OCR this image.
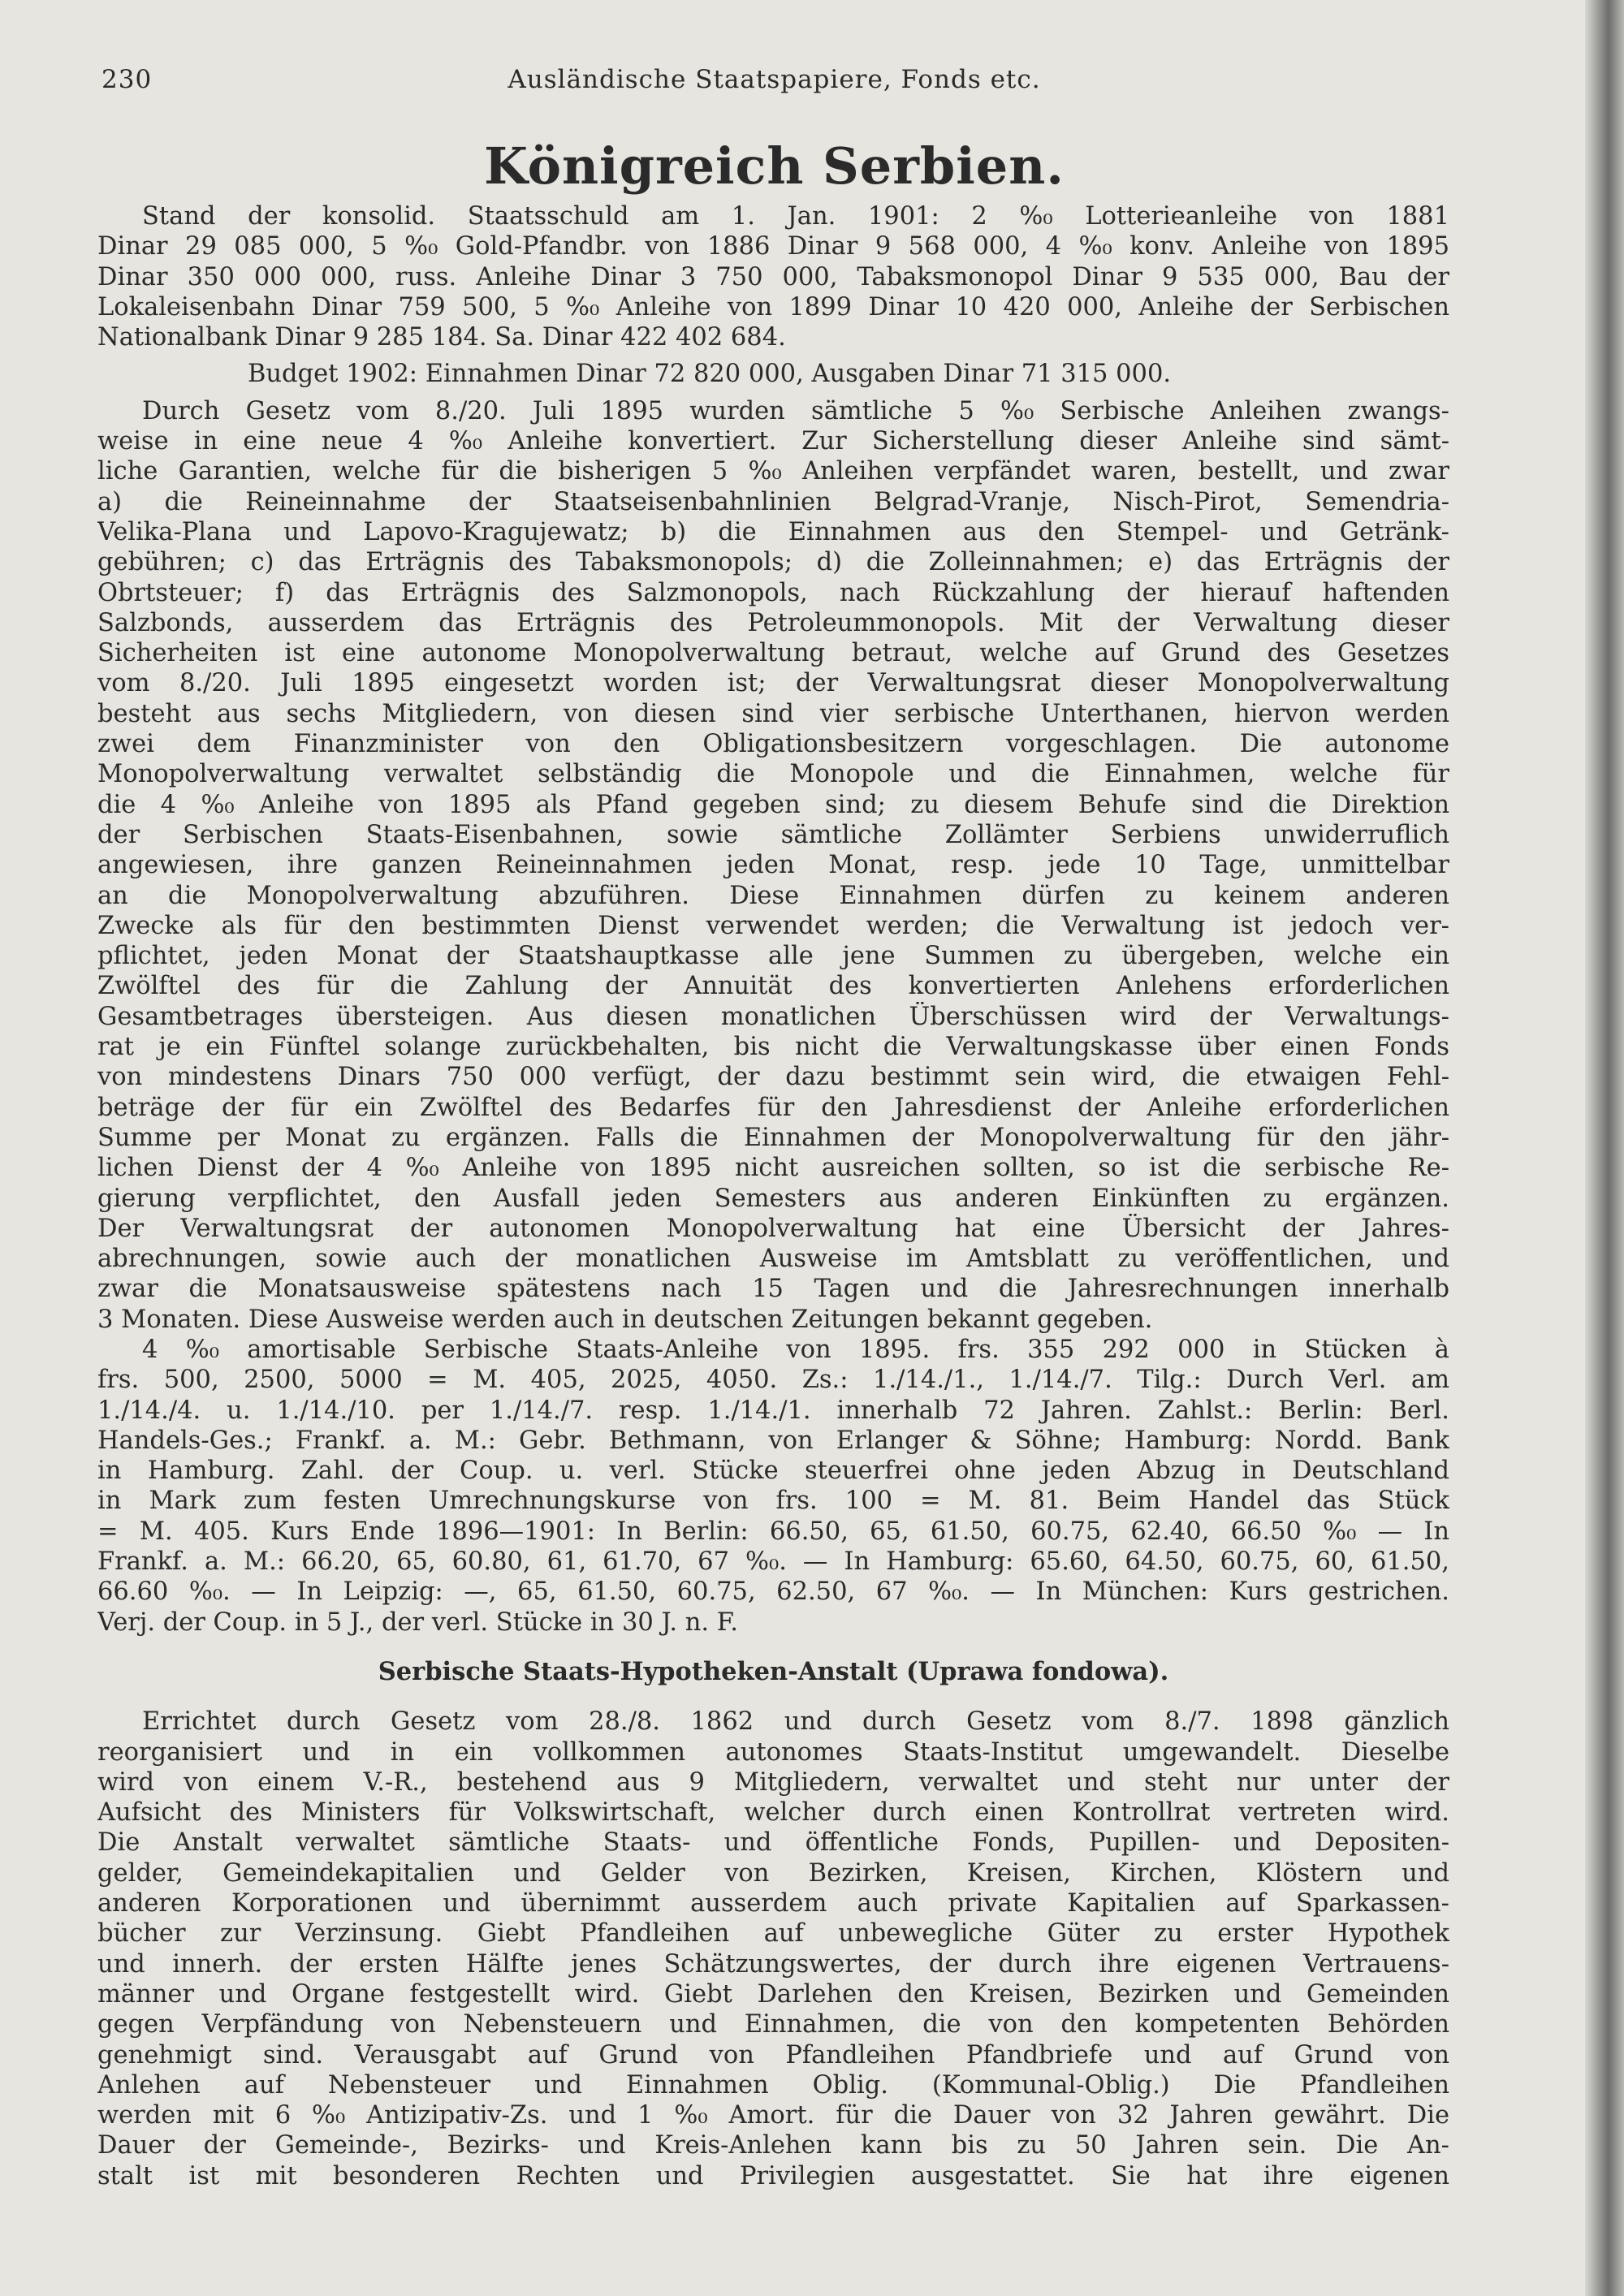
230	Ausländische Staatspapiere, Fonds etc.
Königreich Serbien.
Stand der konsolid. Staatsschuld am 1. Jan. 1901: 2 %₀ Lotterieanleihe von 1881
Dinar 29 085 000, 5 %₀ Gold-Pfandbr. von 1886 Dinar 9 568 000, 4 %₀ konv. Anleihe von 1895
Dinar 350 000 000, russ. Anleihe Dinar 3 750 000, Tabaksmonopol Dinar 9 535 000, Bau der
Lokaleisenbahn Dinar 759 500, 5 %₀ Anleihe von 1899 Dinar 10 420 000, Anleihe der Serbischen
Nationalbank Dinar 9 285 184. Sa. Dinar 422 402 684.
Budget 1902: Einnahmen Dinar 72 820 000, Ausgaben Dinar 71 315 000.
Durch Gesetz vom 8./20. Juli 1895 wurden sämtliche 5 %₀ Serbische Anleihen zwangs-
weise in eine neue 4 %₀ Anleihe konvertiert. Zur Sicherstellung dieser Anleihe sind sämt-
liche Garantien, welche für die bisherigen 5 %₀ Anleihen verpfändet waren, bestellt, und zwar
a) die Reineinnahme der Staatseisenbahnlinien Belgrad-Vranje, Nisch-Pirot, Semendria-
Velika-Plana und Lapovo-Kragujewatz; b) die Einnahmen aus den Stempel- und Getränk-
gebühren; c) das Erträgnis des Tabaksmonopols; d) die Zolleinnahmen; e) das Erträgnis der
Obrtsteuer; f) das Erträgnis des Salzmonopols, nach Rückzahlung der hierauf haftenden
Salzbonds, ausserdem das Erträgnis des Petroleummonopols. Mit der Verwaltung dieser
Sicherheiten ist eine autonome Monopolverwaltung betraut, welche auf Grund des Gesetzes
vom 8./20. Juli 1895 eingesetzt worden ist; der Verwaltungsrat dieser Monopolverwaltung
besteht aus sechs Mitgliedern, von diesen sind vier serbische Unterthanen, hiervon werden
zwei dem Finanzminister von den Obligationsbesitzern vorgeschlagen. Die autonome
Monopolverwaltung verwaltet selbständig die Monopole und die Einnahmen, welche für
die 4 %₀ Anleihe von 1895 als Pfand gegeben sind; zu diesem Behufe sind die Direktion
der Serbischen Staats-Eisenbahnen, sowie sämtliche Zollämter Serbiens unwiderruflich
angewiesen, ihre ganzen Reineinnahmen jeden Monat, resp. jede 10 Tage, unmittelbar
an die Monopolverwaltung abzuführen. Diese Einnahmen dürfen zu keinem anderen
Zwecke als für den bestimmten Dienst verwendet werden; die Verwaltung ist jedoch ver-
pflichtet, jeden Monat der Staatshauptkasse alle jene Summen zu übergeben, welche ein
Zwölftel des für die Zahlung der Annuität des konvertierten Anlehens erforderlichen
Gesamtbetrages übersteigen. Aus diesen monatlichen Überschüssen wird der Verwaltungs-
rat je ein Fünftel solange zurückbehalten, bis nicht die Verwaltungskasse über einen Fonds
von mindestens Dinars 750 000 verfügt, der dazu bestimmt sein wird, die etwaigen Fehl-
beträge der für ein Zwölftel des Bedarfes für den Jahresdienst der Anleihe erforderlichen
Summe per Monat zu ergänzen. Falls die Einnahmen der Monopolverwaltung für den jähr-
lichen Dienst der 4 %₀ Anleihe von 1895 nicht ausreichen sollten, so ist die serbische Re-
gierung verpflichtet, den Ausfall jeden Semesters aus anderen Einkünften zu ergänzen.
Der Verwaltungsrat der autonomen Monopolverwaltung hat eine Übersicht der Jahres-
abrechnungen, sowie auch der monatlichen Ausweise im Amtsblatt zu veröffentlichen, und
zwar die Monatsausweise spätestens nach 15 Tagen und die Jahresrechnungen innerhalb
3 Monaten. Diese Ausweise werden auch in deutschen Zeitungen bekannt gegeben.
4 %₀ amortisable Serbische Staats-Anleihe von 1895. frs. 355 292 000 in Stücken à
frs. 500, 2500, 5000 = M. 405, 2025, 4050. Zs.: 1./14./1., 1./14./7. Tilg.: Durch Verl. am
1./14./4. u. 1./14./10. per 1./14./7. resp. 1./14./1. innerhalb 72 Jahren. Zahlst.: Berlin: Berl.
Handels-Ges.; Frankf. a. M.: Gebr. Bethmann, von Erlanger & Söhne; Hamburg: Nordd. Bank
in Hamburg. Zahl. der Coup. u. verl. Stücke steuerfrei ohne jeden Abzug in Deutschland
in Mark zum festen Umrechnungskurse von frs. 100 = M. 81. Beim Handel das Stück
= M. 405. Kurs Ende 1896—1901: In Berlin: 66.50, 65, 61.50, 60.75, 62.40, 66.50 %₀ — In
Frankf. a. M.: 66.20, 65, 60.80, 61, 61.70, 67 %₀. — In Hamburg: 65.60, 64.50, 60.75, 60, 61.50,
66.60 %₀. — In Leipzig: —, 65, 61.50, 60.75, 62.50, 67 %₀. — In München: Kurs gestrichen.
Verj. der Coup. in 5 J., der verl. Stücke in 30 J. n. F.
Serbische Staats-Hypotheken-Anstalt (Uprawa fondowa).
Errichtet durch Gesetz vom 28./8. 1862 und durch Gesetz vom 8./7. 1898 gänzlich
reorganisiert und in ein vollkommen autonomes Staats-Institut umgewandelt. Dieselbe
wird von einem V.-R., bestehend aus 9 Mitgliedern, verwaltet und steht nur unter der
Aufsicht des Ministers für Volkswirtschaft, welcher durch einen Kontrollrat vertreten wird.
Die Anstalt verwaltet sämtliche Staats- und öffentliche Fonds, Pupillen- und Depositen-
gelder, Gemeindekapitalien und Gelder von Bezirken, Kreisen, Kirchen, Klöstern und
anderen Korporationen und übernimmt ausserdem auch private Kapitalien auf Sparkassen-
bücher zur Verzinsung. Giebt Pfandleihen auf unbewegliche Güter zu erster Hypothek
und innerh. der ersten Hälfte jenes Schätzungswertes, der durch ihre eigenen Vertrauens-
männer und Organe festgestellt wird. Giebt Darlehen den Kreisen, Bezirken und Gemeinden
gegen Verpfändung von Nebensteuern und Einnahmen, die von den kompetenten Behörden
genehmigt sind. Verausgabt auf Grund von Pfandleihen Pfandbriefe und auf Grund von
Anlehen auf Nebensteuer und Einnahmen Oblig. (Kommunal-Oblig.) Die Pfandleihen
werden mit 6 %₀ Antizipativ-Zs. und 1 %₀ Amort. für die Dauer von 32 Jahren gewährt. Die
Dauer der Gemeinde-, Bezirks- und Kreis-Anlehen kann bis zu 50 Jahren sein. Die An-
stalt ist mit besonderen Rechten und Privilegien ausgestattet. Sie hat ihre eigenen
